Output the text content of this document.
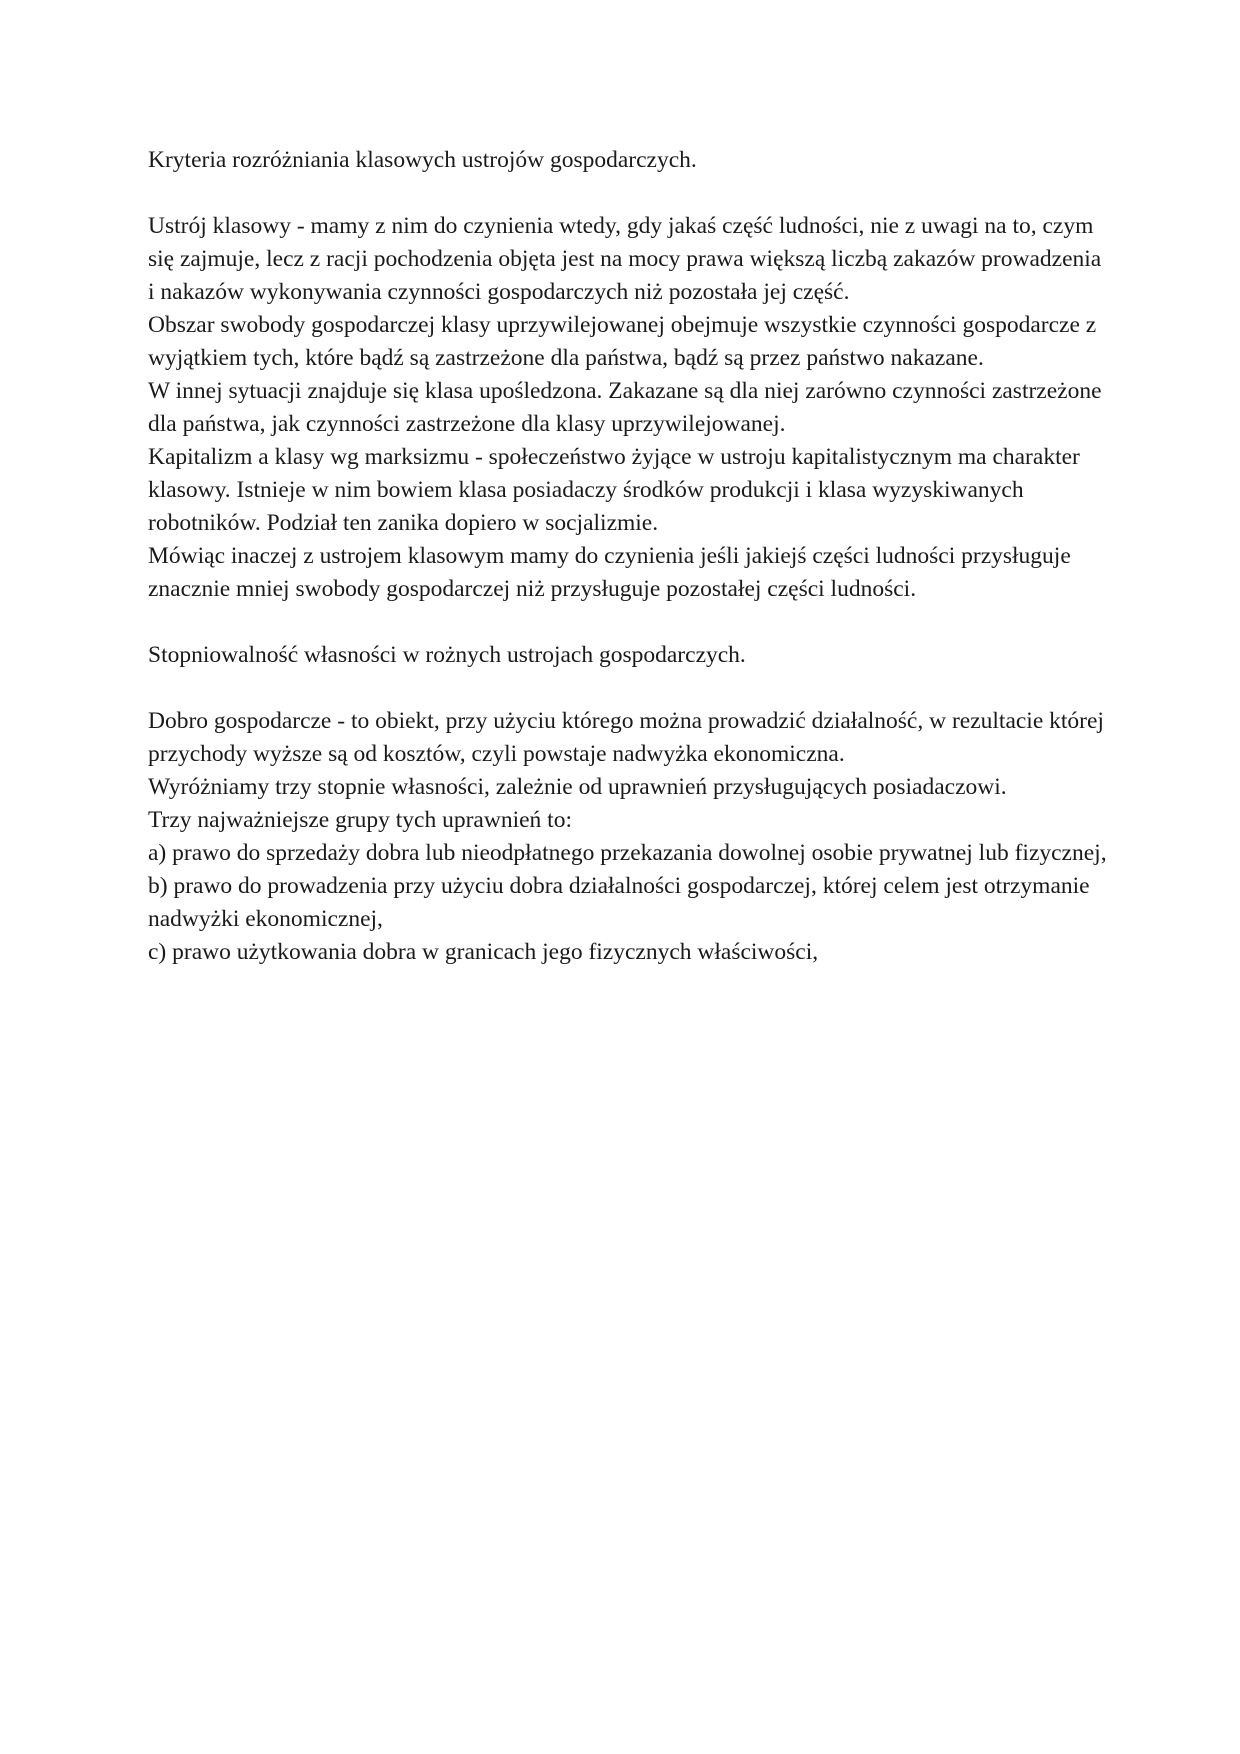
Kryteria rozróżniania klasowych ustrojów gospodarczych.

Ustrój klasowy - mamy z nim do czynienia wtedy, gdy jakaś część ludności, nie z uwagi na to, czym się zajmuje, lecz z racji pochodzenia objęta jest na mocy prawa większą liczbą zakazów prowadzenia i nakazów wykonywania czynności gospodarczych niż pozostała jej część.

Obszar swobody gospodarczej klasy uprzywilejowanej obejmuje wszystkie czynności gospodarcze z wyjątkiem tych, które bądź są zastrzeżone dla państwa, bądź są przez państwo nakazane.

W innej sytuacji znajduje się klasa upośledzona. Zakazane są dla niej zarówno czynności zastrzeżone dla państwa, jak czynności zastrzeżone dla klasy uprzywilejowanej.

Kapitalizm a klasy wg marksizmu - społeczeństwo żyjące w ustroju kapitalistycznym ma charakter klasowy. Istnieje w nim bowiem klasa posiadaczy środków produkcji i klasa wyzyskiwanych robotników. Podział ten zanika dopiero w socjalizmie.

Mówiąc inaczej z ustrojem klasowym mamy do czynienia jeśli jakiejś części ludności przysługuje znacznie mniej swobody gospodarczej niż przysługuje pozostałej części ludności.

Stopniowalność własności w rożnych ustrojach gospodarczych.

Dobro gospodarcze - to obiekt, przy użyciu którego można prowadzić działalność, w rezultacie której przychody wyższe są od kosztów, czyli powstaje nadwyżka ekonomiczna.

Wyróżniamy trzy stopnie własności, zależnie od uprawnień przysługujących posiadaczowi.

Trzy najważniejsze grupy tych uprawnień to:

a) prawo do sprzedaży dobra lub nieodpłatnego przekazania dowolnej osobie prywatnej lub fizycznej,

b) prawo do prowadzenia przy użyciu dobra działalności gospodarczej, której celem jest otrzymanie nadwyżki ekonomicznej,

c) prawo użytkowania dobra w granicach jego fizycznych właściwości,
